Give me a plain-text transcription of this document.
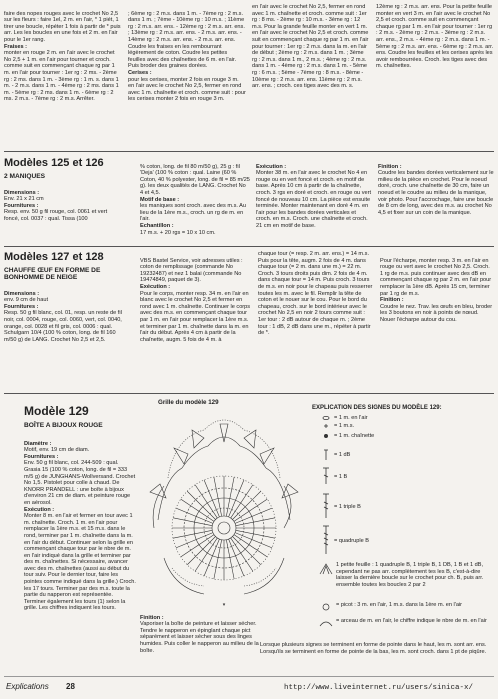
faire des nopes rouges avec le crochet No 2,5 sur les fleurs : faire 1el, 2 m. en l'air, * 1 piét, 1 tirer une boucle, répéter 1 fois à partir de * puis arr. Les les boucles en une fois et 2 m. en l'air pour le 1er rang.
Fraises :
monter en rouge 2 m. en l'air avec le crochet No 2,5 + 1 m. en l'air pour tourner et croch. comme suit en commençant chaque rg par 1 m. en l'air pour tourner : 1er rg : 2 ms. - 2ème rg : 2 ms. dans 1 m. - 3ème rg : 1 m. s. dans 1 m. - 2 m.s. dans 1 m. - 4ème rg : 2 ms. dans 1 m. - 5ème rg : 2 ms. dans 1 m. - 6ème rg : 2 ms. 2 m.s. - 7ème rg : 2 m.s. Arrêter.

; 6ème rg : 2 m.s. dans 1 m. - 7ème rg : 2 m.s. dans 1 m. ; 7ème - 10ème rg : 10 m.s. ; 11ème rg : 2 m.s. arr. ens. - 12ème rg : 2 m.s. arr. ens. ; 13ème rg : 2 m.s. arr. ens. - 2 m.s. arr. ens. - 14ème rg : 2 m.s. arr. ens. - 2 m.s. arr. ens. Coudre les fraises en les rembourrant légèrement de coton. Coudre les petites feuilles avec des chaînettes de 6 m. en l'air. Puis broder des graines dorées.
Cerises :
pour les cerises, monter 2 fois en rouge 3 m. en l'air avec le crochet No 2,5, fermer en rond avec 1 m. chaînette et croch. comme suit : pour les cerises monter 2 fois en rouge 3 m.

en l'air avec le crochet No 2,5, fermer en rond avec 1 m. chaînette et croch. comme suit : 1er rg : 8 ms. - 2ème rg : 10 m.s. - 3ème rg : 12 m.s. Pour la grande feuille monter en vert 1 m. en l'air avec le crochet No 2,5 et croch. comme suit en commençant chaque rg par 1 m. en l'air pour tourner : 1er rg : 2 m.s. dans la m. en l'air de début ; 2ème rg : 2 m.s. dans 1 m. ; 3ème rg : 2 m.s. dans 1 m., 2 m.s. ; 4ème rg : 2 m.s. dans 1 m. - 4ème rg : 2 m.s. dans 1 m. - 5ème rg : 6 m.s. ; 5ème - 7ème rg : 8 m.s. - 8ème - 10ème rg : 2 m.s. arr. ens. 11ème rg : 2 m.s. arr. ens. ; croch. ces tiges avec des m. s.
12ème rg : 2 m.s. arr. ens. Pour la petite feuille monter en vert 3 m. en l'air avec le crochet No 2,5 et croch. comme suit en commençant chaque rg par 1 m. en l'air pour tourner : 1er rg : 2 m.s. - 2ème rg : 2 m.s. - 3ème rg : 2 m.s. arr. ens., 2 m.s. - 4ème rg : 2 m.s. dans 1 m. - 5ème rg : 2 m.s. arr. ens. - 6ème rg : 2 m.s. arr. ens. Coudre les feuilles et les cerises après les avoir rembourrées. Croch. les tiges avec des m. chaînettes.
Modèles 125 et 126
2 MANIQUES

Dimensions :
Env. 21 x 21 cm
Fournitures :
Resp. env. 50 g fil rouge, col. 0061 et vert foncé, col. 0037 : qual. Tissa (100

% coton, long. de fil 80 m/50 g), 25 g : fil 'Deja' (100 % coton : qual. Laine (60 % Coton, 40 % polyester, long. de fil = 85 m/25 g). les deux qualités de LANG. Crochet No 4 et 4,5.
Motif de base :
les maniques sont croch. avec des m.s. Au lieu de la 1ère m.s., croch. un rg de m. en l'air.
Echantillon :
17 m.s. + 20 rgs = 10 x 10 cm.

Exécution :
Monter 38 m. en l'air avec le crochet No 4 en rouge ou en vert foncé et croch. en motif de base. Après 10 cm à partir de la chaînette, croch. 3 rgs en doré et croch. en rouge ou vert foncé de nouveau 10 cm. La pièce est ensuite terminée. Monter maintenant en doré 4 m. en l'air pour les bandes dorées verticales et croch. en m.s. Croch. une chaînette et croch. 21 cm en motif de base.

Finition :
Coudre les bandes dorées verticalement sur le milieu de la pièce en crochet. Pour le noeud doré, croch. une chaînette de 30 cm, faire un noeud et le coudre au milieu de la manique, voir photo. Pour l'accrochage, faire une boucle de 8 cm de long, avec des m.s. au crochet No 4,5 et fixer sur un coin de la manique.

Modèles 127 et 128
CHAUFFE ŒUF EN FORME DE BONHOMME DE NEIGE

Dimensions :
env. 9 cm de haut
Fournitures :
Resp. 50 g fil blanc, col. 01, resp. un reste de fil noir, col. 0004, rouge, col. 0060, vert, col. 0040, orange, col. 0028 et fil gris, col. 0006 : qual. Schulgarn 10/4 (100 % coton, long. de fil 160 m/50 g) de LANG. Crochet No 2,5 et 2,5.

VBS Bastel Service, voir adresses utiles : coton de remplissage (commande No 19232487) et nez 1 balai (commande No 19474849, paquet de 3).
Exécution :
Pour le corps, monter resp. 34 m. en l'air en blanc avec le crochet No 2,5 et fermer en rond avec 1 m. chaînette. Continuer le corps avec des m.s. en commençant chaque tour par 1 m. en l'air pour remplacer la 1ère m.s. et terminer par 1 m. chaînette dans la m. en l'air du début. Après 4 cm à partir de la chaînette, augm. 5 fois de 4 m. à

chaque tour (= resp. 2 m. arr. ens.) = 14 m.s. Puis pour la tête, augm. 2 fois de 4 m. dans chaque tour (= 2 m. dans une m.) = 22 m. Croch. 3 tours droits puis dim. 2 fois de 4 m. dans chaque tour = 14 m. Puis croch. 3 tours de m.s. en noir pour le chapeau puis resserrer toutes les m. avec le fil. Remplir la tête de coton et le nouer sur le cou. Pour le bord du chapeau, croch. sur le bord intérieur avec le crochet No 2,5 en noir 2 tours comme suit : 1er tour : 2 dB autour de chaque m. ; 2ème tour : 1 dB, 2 dB dans une m., répéter à partir de *.

Pour l'écharpe, monter resp. 3 m. en l'air en rouge ou vert avec le crochet No 2,5. Croch. 1 rg de m.s. puis continuer avec des dB en commençant chaque rg par 2 m. en l'air pour remplacer la 1ère dB. Après 15 cm, terminer par 1 rg de m.s.
Finition :
Coudre le nez. Trav. les œufs en bleu, broder les 3 boutons en noir à points de nœud. Nouer l'écharpe autour du cou.

Modèle 129
BOÎTE A BIJOUX ROUGE

Diamètre :
Motif, env. 19 cm de diam.
Fournitures :
Env. 50 g fil blanc, col. 244-509 : qual. Grasia 15 (100 % coton, long. de fil = 333 m/5 g) de JUNGHANS-Wollversand. Crochet No 1,5. Pistolet pour colle à chaud. De KNORR PRANDELL : une boîte à bijoux d'environ 21 cm de diam. et peinture rouge en aérosol.
Exécution :
Monter 8 m. en l'air et fermer en tour avec 1 m. chaînette. Croch. 1 m. en l'air pour remplacer la 1ère m.s. et 15 m.s. dans le rond, terminer par 1 m. chaînette dans la m. en l'air du début. Continuer selon la grille en commençant chaque tour par le nbre de m. en l'air indiqué dans la grille et terminer par des m. chaînettes. Si nécessaire, avancer avec des m. chaînettes (aussi au début du tour suiv. Pour le dernier tour, faire les pointes comme indiqué dans la grille.) Croch. les 17 tours. Terminer par des m.s. toute la partie du napperon est représentée. Terminer également les tours (1) selon la grille. Les chiffres indiquent les tours.

Grille du modèle 129
▾

Finition :
Vaporiser la boîte de peinture et laisser sécher. Tendre le napperon en épinglant chaque pict séparément et laisser sécher sous des linges humides. Puis coller le napperon au milieu de la boîte.

EXPLICATION DES SIGNES DU MODÈLE 129:
= 1 m. en l'air
= 1 m.s.
= 1 m. chaînette
= 1 dB
= 1 B
= 1 triple B
= quadruple B
1 petite feuille : 1 quadruple B, 1 triple B, 1 DB, 1 B et 1 dB, cependant ne pas arr. complètement tes les B, c'est-à-dire laisser la dernière boucle sur le crochet pour ch. B, puis arr. ensemble toutes les boucles 2 par 2
= picot : 3 m. en l'air, 1 m.s. dans la 1ère m. en l'air
= arceau de m. en l'air, le chiffre indique le nbre de m. en l'air
Lorsque plusieurs signes se terminent en forme de pointe dans le haut, les m. sont arr. ens. Lorsqu'ils se terminent en forme de pointe de la bas, les m. sont croch. dans 1 pt de piqûre.
Explications 28	http://www.liveinternet.ru/users/sinica-x/
